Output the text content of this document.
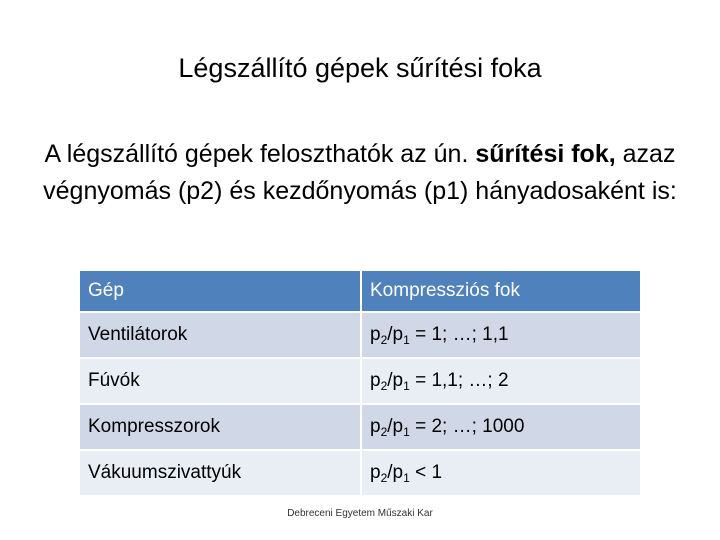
Légszállító gépek sűrítési foka
A légszállító gépek feloszthatók az ún. sűrítési fok, azaz végnyomás (p2) és kezdőnyomás (p1) hányadosaként is:
Gép	Kompressziós fok
Ventilátorok	$p_2/p_1 = 1$; …; 1,1
Fúvók	$p_2/p_1 = 1,1$; …; 2
Kompresszorok	$p_2/p_1 = 2$; …; 1000
Vákuumszivattyúk	$p_2/p_1 < 1$
Debreceni Egyetem Műszaki Kar
